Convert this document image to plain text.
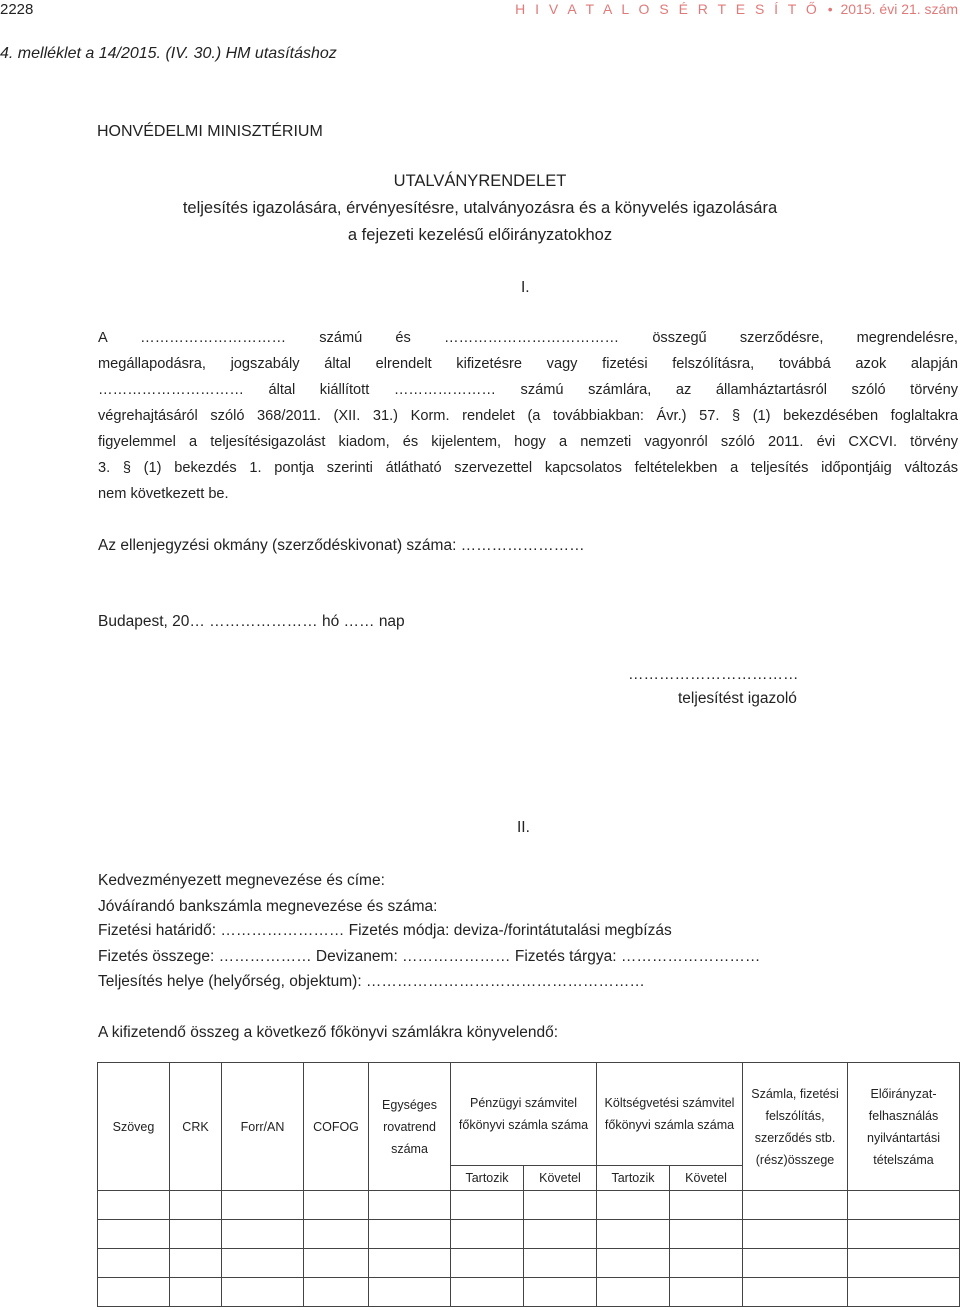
2228	H I V A T A L O S É R T E S Í T Ő • 2015. évi 21. szám
4. melléklet a 14/2015. (IV. 30.) HM utasításhoz
HONVÉDELMI MINISZTÉRIUM
UTALVÁNYRENDELET
teljesítés igazolására, érvényesítésre, utalványozásra és a könyvelés igazolására
a fejezeti kezelésű előirányzatokhoz
I.
A ………………………… számú és ……………………………… összegű szerződésre, megrendelésre,
megállapodásra, jogszabály által elrendelt kifizetésre vagy fizetési felszólításra, továbbá azok alapján
………………………… által kiállított ………………… számú számlára, az államháztartásról szóló törvény
végrehajtásáról szóló 368/2011. (XII. 31.) Korm. rendelet (a továbbiakban: Ávr.) 57. § (1) bekezdésében foglaltakra
figyelemmel a teljesítésigazolást kiadom, és kijelentem, hogy a nemzeti vagyonról szóló 2011. évi CXCVI. törvény
3. § (1) bekezdés 1. pontja szerinti átlátható szervezettel kapcsolatos feltételekben a teljesítés időpontjáig változás
nem következett be.
Az ellenjegyzési okmány (szerződéskivonat) száma: ……………………
Budapest, 20… ………………… hó …… nap
……………………………
teljesítést igazoló
II.
Kedvezményezett megnevezése és címe:
Jóváírandó bankszámla megnevezése és száma:
Fizetési határidő: …………………… Fizetés módja: deviza-/forintátutalási megbízás
Fizetés összege: ……………… Devizanem: ………………… Fizetés tárgya: ………………………
Teljesítés helye (helyőrség, objektum): ………………………………………………
A kifizetendő összeg a következő főkönyvi számlákra könyvelendő:
Szöveg	CRK	Forr/AN	COFOG	Egységes rovatrend száma	Pénzügyi számvitel főkönyvi számla száma		Költségvetési számvitel főkönyvi számla száma		Számla, fizetési felszólítás, szerződés stb. (rész)összege	Előirányzat-felhasználás nyilvántartási tételszáma
					Tartozik	Követel	Tartozik	Követel		
